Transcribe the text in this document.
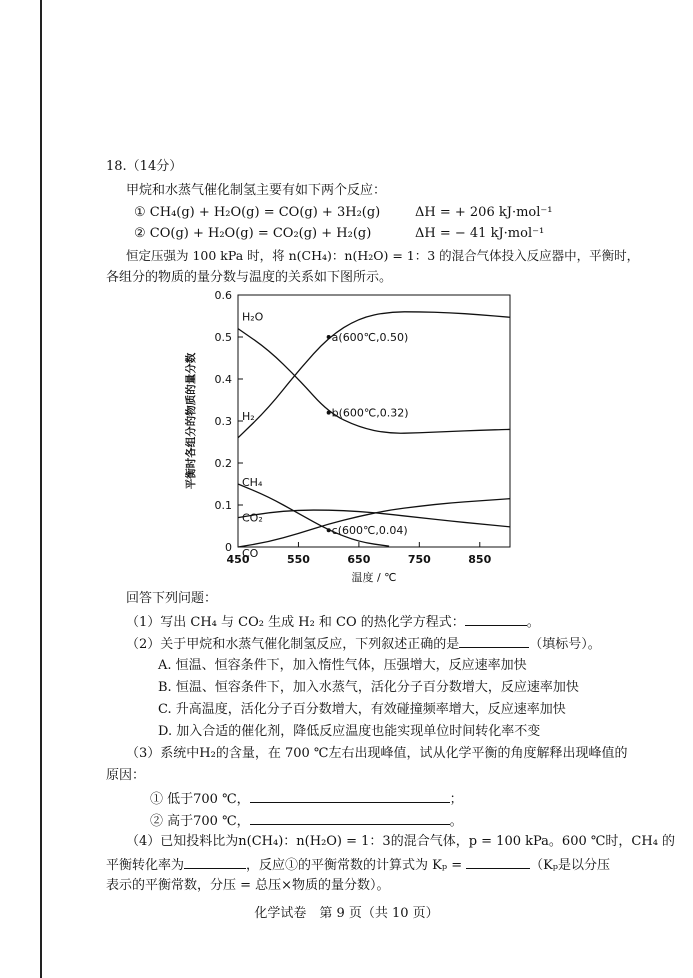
18.（14分）
甲烷和水蒸气催化制氢主要有如下两个反应：
① CH₄(g) + H₂O(g) = CO(g) + 3H₂(g)	ΔH = + 206 kJ·mol⁻¹
② CO(g) + H₂O(g) = CO₂(g) + H₂(g)	ΔH = − 41 kJ·mol⁻¹
恒定压强为 100 kPa 时，将 n(CH₄)：n(H₂O) = 1：3 的混合气体投入反应器中，平衡时，
各组分的物质的量分数与温度的关系如下图所示。
0
0.1
0.2
0.3
0.4
0.5
0.6
450	550	650	750	850
H₂O
H₂
CH₄
CO₂
CO
a(600℃,0.50)
b(600℃,0.32)
c(600℃,0.04)
温度 / ℃
平衡时各组分的物质的量分数
回答下列问题：
（1）写出 CH₄ 与 CO₂ 生成 H₂ 和 CO 的热化学方程式：	。
（2）关于甲烷和水蒸气催化制氢反应，下列叙述正确的是	（填标号）。
A. 恒温、恒容条件下，加入惰性气体，压强增大，反应速率加快
B. 恒温、恒容条件下，加入水蒸气，活化分子百分数增大，反应速率加快
C. 升高温度，活化分子百分数增大，有效碰撞频率增大，反应速率加快
D. 加入合适的催化剂，降低反应温度也能实现单位时间转化率不变
（3）系统中H₂的含量，在 700 ℃左右出现峰值，试从化学平衡的角度解释出现峰值的
原因：
① 低于700 ℃，	；
② 高于700 ℃，	。
（4）已知投料比为n(CH₄)：n(H₂O) = 1：3的混合气体，p = 100 kPa。600 ℃时，CH₄ 的
平衡转化率为	，反应①的平衡常数的计算式为 Kₚ =	（Kₚ是以分压
表示的平衡常数，分压 = 总压×物质的量分数）。
化学试卷　第 9 页（共 10 页）
